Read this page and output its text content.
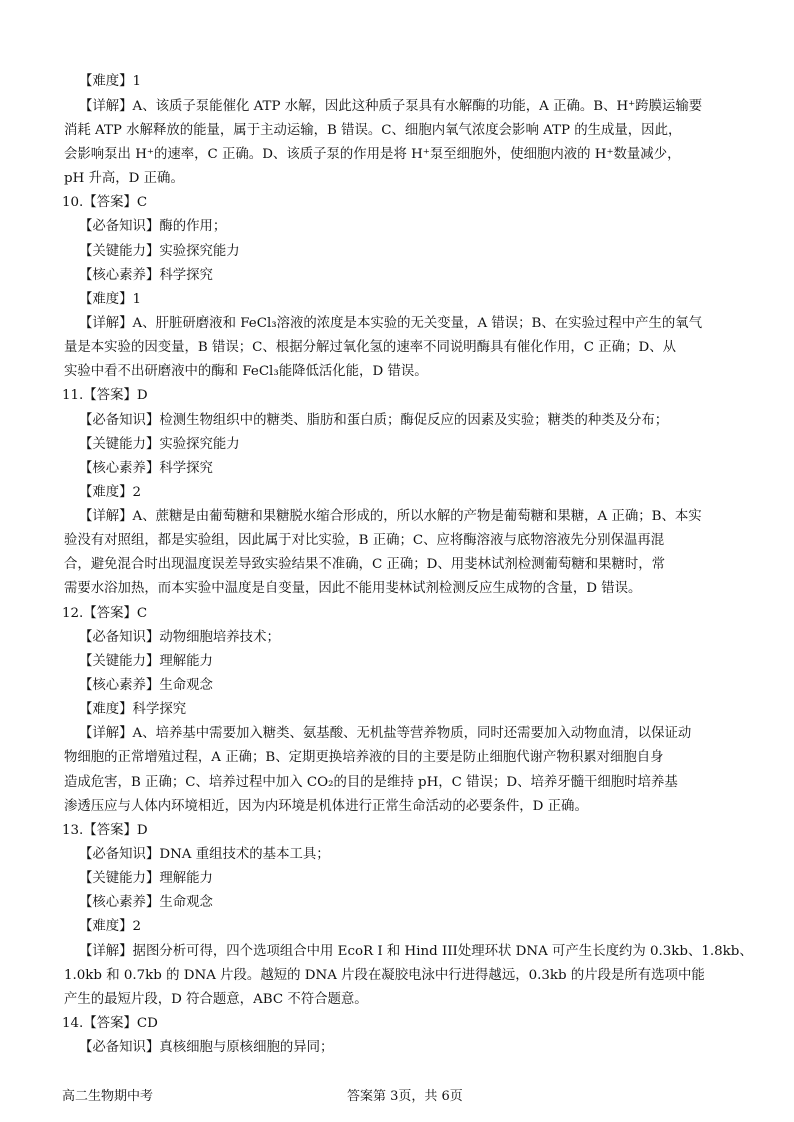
【难度】1
【详解】A、该质子泵能催化 ATP 水解，因此这种质子泵具有水解酶的功能，A 正确。B、H⁺跨膜运输要
消耗 ATP 水解释放的能量，属于主动运输，B 错误。C、细胞内氧气浓度会影响 ATP 的生成量，因此，
会影响泵出 H⁺的速率，C 正确。D、该质子泵的作用是将 H⁺泵至细胞外，使细胞内液的 H⁺数量减少，
pH 升高，D 正确。
10.【答案】C
【必备知识】酶的作用；
【关键能力】实验探究能力
【核心素养】科学探究
【难度】1
【详解】A、肝脏研磨液和 FeCl₃溶液的浓度是本实验的无关变量，A 错误；B、在实验过程中产生的氧气
量是本实验的因变量，B 错误；C、根据分解过氧化氢的速率不同说明酶具有催化作用，C 正确；D、从
实验中看不出研磨液中的酶和 FeCl₃能降低活化能，D 错误。
11.【答案】D
【必备知识】检测生物组织中的糖类、脂肪和蛋白质；酶促反应的因素及实验；糖类的种类及分布；
【关键能力】实验探究能力
【核心素养】科学探究
【难度】2
【详解】A、蔗糖是由葡萄糖和果糖脱水缩合形成的，所以水解的产物是葡萄糖和果糖，A 正确；B、本实
验没有对照组，都是实验组，因此属于对比实验，B 正确；C、应将酶溶液与底物溶液先分别保温再混
合，避免混合时出现温度误差导致实验结果不准确，C 正确；D、用斐林试剂检测葡萄糖和果糖时，常
需要水浴加热，而本实验中温度是自变量，因此不能用斐林试剂检测反应生成物的含量，D 错误。
12.【答案】C
【必备知识】动物细胞培养技术；
【关键能力】理解能力
【核心素养】生命观念
【难度】科学探究
【详解】A、培养基中需要加入糖类、氨基酸、无机盐等营养物质，同时还需要加入动物血清，以保证动
物细胞的正常增殖过程，A 正确；B、定期更换培养液的目的主要是防止细胞代谢产物积累对细胞自身
造成危害，B 正确；C、培养过程中加入 CO₂的目的是维持 pH，C 错误；D、培养牙髓干细胞时培养基
渗透压应与人体内环境相近，因为内环境是机体进行正常生命活动的必要条件，D 正确。
13.【答案】D
【必备知识】DNA 重组技术的基本工具；
【关键能力】理解能力
【核心素养】生命观念
【难度】2
【详解】据图分析可得，四个选项组合中用 EcoR I 和 Hind III处理环状 DNA 可产生长度约为 0.3kb、1.8kb、
1.0kb 和 0.7kb 的 DNA 片段。越短的 DNA 片段在凝胶电泳中行进得越远，0.3kb 的片段是所有选项中能
产生的最短片段，D 符合题意，ABC 不符合题意。
14.【答案】CD
【必备知识】真核细胞与原核细胞的异同；
高二生物期中考	答案第 3页，共 6页
